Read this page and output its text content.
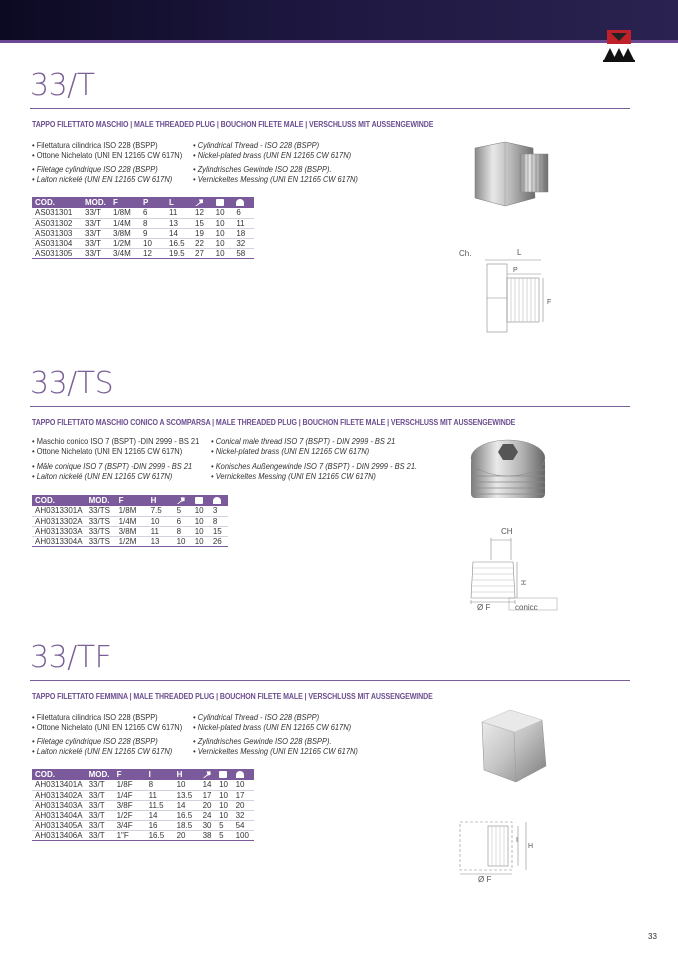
33/T
TAPPO FILETTATO MASCHIO | MALE THREADED PLUG | BOUCHON FILETE MALE | VERSCHLUSS MIT AUSSENGEWINDE
• Filettatura cilindrica ISO 228 (BSPP)
• Ottone Nichelato (UNI EN 12165 CW 617N)
• Filetage cylindrique ISO 228 (BSPP)
• Laiton nickelé (UNI EN 12165 CW 617N)
• Cylindrical Thread - ISO 228 (BSPP)
• Nickel-plated brass (UNI EN 12165 CW 617N)
• Zylindrisches Gewinde ISO 228 (BSPP).
• Vernickeltes Messing (UNI EN 12165 CW 617N)
COD.	MOD.	F	P	L			
AS031301	33/T	1/8M	6	11	12	10	6
AS031302	33/T	1/4M	8	13	15	10	11
AS031303	33/T	3/8M	9	14	19	10	18
AS031304	33/T	1/2M	10	16.5	22	10	32
AS031305	33/T	3/4M	12	19.5	27	10	58	Ch.	L
P
F
33/TS
TAPPO FILETTATO MASCHIO CONICO A SCOMPARSA | MALE THREADED PLUG | BOUCHON FILETE MALE | VERSCHLUSS MIT AUSSENGEWINDE
• Maschio conico ISO 7 (BSPT) -DIN 2999 - BS 21
• Ottone Nichelato (UNI EN 12165 CW 617N)
• Mâle conique ISO 7 (BSPT) -DIN 2999 - BS 21
• Laiton nickelé (UNI EN 12165 CW 617N)
• Conical male thread ISO 7 (BSPT) - DIN 2999 - BS 21
• Nickel-plated brass (UNI EN 12165 CW 617N)
• Konisches Außengewinde ISO 7 (BSPT) - DIN 2999 - BS 21.
• Vernickeltes Messing (UNI EN 12165 CW 617N)
COD.	MOD.	F	H			
AH0313301A	33/TS	1/8M	7.5	5	10	3
AH0313302A	33/TS	1/4M	10	6	10	8
AH0313303A	33/TS	3/8M	11	8	10	15
AH0313304A	33/TS	1/2M	13	10	10	26
CH
H
Ø F	conicc
33/TF
TAPPO FILETTATO FEMMINA | MALE THREADED PLUG | BOUCHON FILETE MALE | VERSCHLUSS MIT AUSSENGEWINDE
• Filettatura cilindrica ISO 228 (BSPP)
• Ottone Nichelato (UNI EN 12165 CW 617N)
• Filetage cylindrique ISO 228 (BSPP)
• Laiton nickelé (UNI EN 12165 CW 617N)
• Cylindrical Thread - ISO 228 (BSPP)
• Nickel-plated brass (UNI EN 12165 CW 617N)
• Zylindrisches Gewinde ISO 228 (BSPP).
• Vernickeltes Messing (UNI EN 12165 CW 617N)
COD.	MOD.	F	I	H			
AH0313401A	33/T	1/8F	8	10	14	10	10
AH0313402A	33/T	1/4F	11	13.5	17	10	17
AH0313403A	33/T	3/8F	11.5	14	20	10	20
AH0313404A	33/T	1/2F	14	16.5	24	10	32
AH0313405A	33/T	3/4F	16	18.5	30	5	54
AH0313406A	33/T	1"F	16.5	20	38	5	100
I
H
Ø F
33
